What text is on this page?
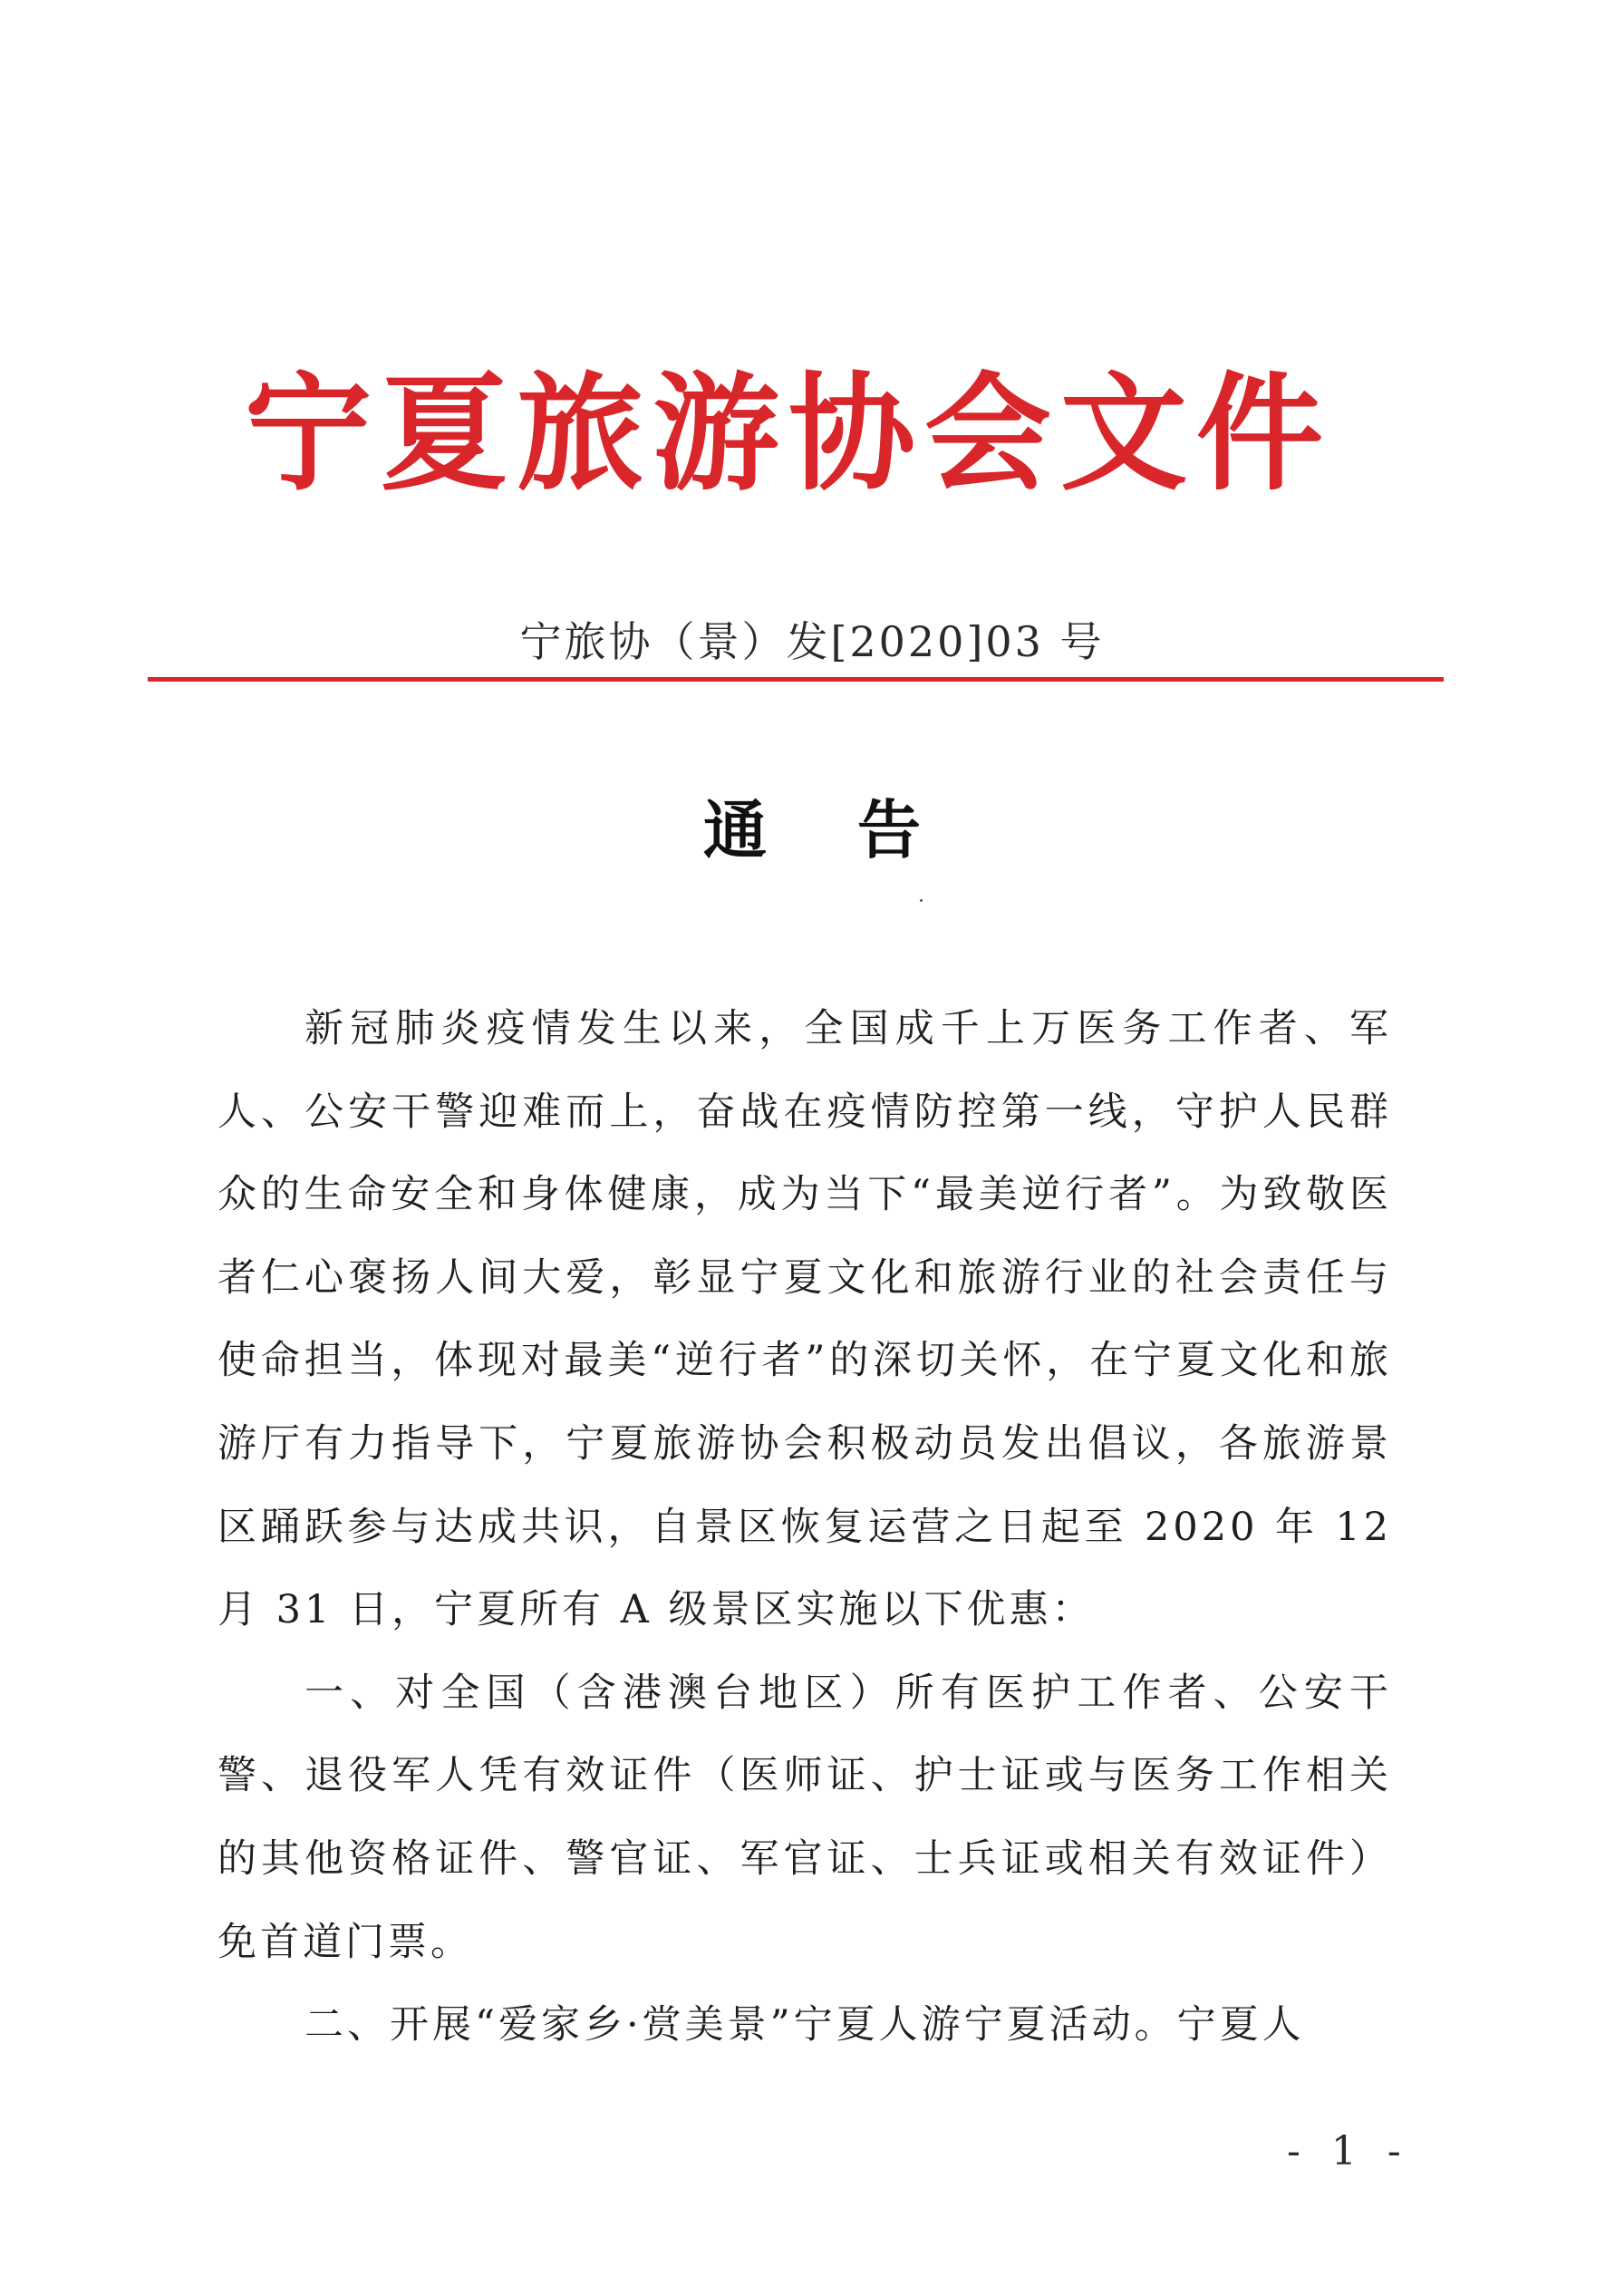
宁夏旅游协会文件
宁旅协（景）发[2020]03 号
通告

新冠肺炎疫情发生以来，全国成千上万医务工作者、军人、公安干警迎难而上，奋战在疫情防控第一线，守护人民群众的生命安全和身体健康，成为当下“最美逆行者”。为致敬医者仁心褒扬人间大爱，彰显宁夏文化和旅游行业的社会责任与使命担当，体现对最美“逆行者”的深切关怀，在宁夏文化和旅游厅有力指导下，宁夏旅游协会积极动员发出倡议，各旅游景区踊跃参与达成共识，自景区恢复运营之日起至 2020 年 12 月 31 日，宁夏所有 A 级景区实施以下优惠：

一、对全国（含港澳台地区）所有医护工作者、公安干警、退役军人凭有效证件（医师证、护士证或与医务工作相关的其他资格证件、警官证、军官证、士兵证或相关有效证件）免首道门票。

二、开展“爱家乡·赏美景”宁夏人游宁夏活动。宁夏人

- 1 -
